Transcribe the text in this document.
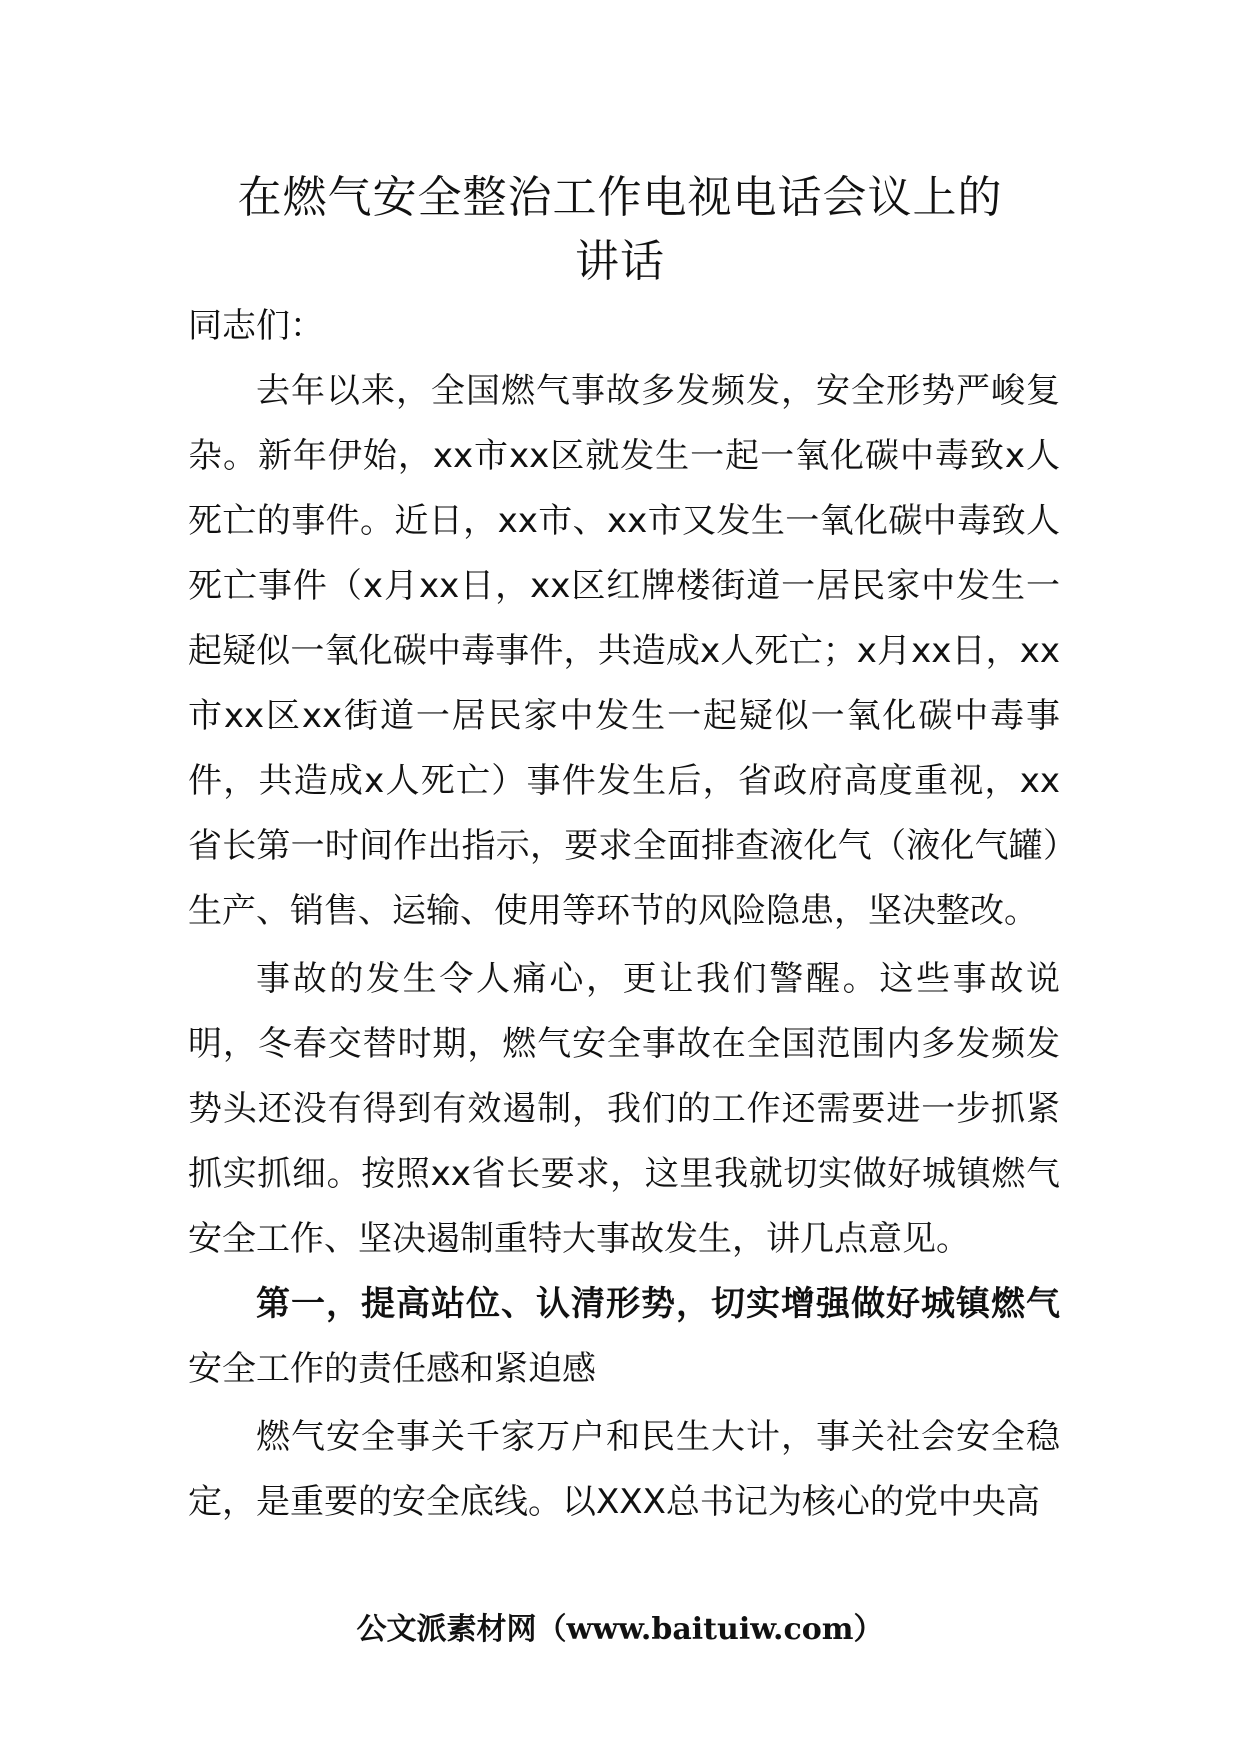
在燃气安全整治工作电视电话会议上的
讲话

同志们：

去年以来，全国燃气事故多发频发，安全形势严峻复杂。新年伊始，xx市xx区就发生一起一氧化碳中毒致x人死亡的事件。近日，xx市、xx市又发生一氧化碳中毒致人死亡事件（x月xx日，xx区红牌楼街道一居民家中发生一起疑似一氧化碳中毒事件，共造成x人死亡；x月xx日，xx市xx区xx街道一居民家中发生一起疑似一氧化碳中毒事件，共造成x人死亡）事件发生后，省政府高度重视，xx省长第一时间作出指示，要求全面排查液化气（液化气罐）生产、销售、运输、使用等环节的风险隐患，坚决整改。

事故的发生令人痛心，更让我们警醒。这些事故说明，冬春交替时期，燃气安全事故在全国范围内多发频发势头还没有得到有效遏制，我们的工作还需要进一步抓紧抓实抓细。按照xx省长要求，这里我就切实做好城镇燃气安全工作、坚决遏制重特大事故发生，讲几点意见。

第一，提高站位、认清形势，切实增强做好城镇燃气安全工作的责任感和紧迫感

燃气安全事关千家万户和民生大计，事关社会安全稳定，是重要的安全底线。以XXX总书记为核心的党中央高

公文派素材网（www.baituiw.com）
